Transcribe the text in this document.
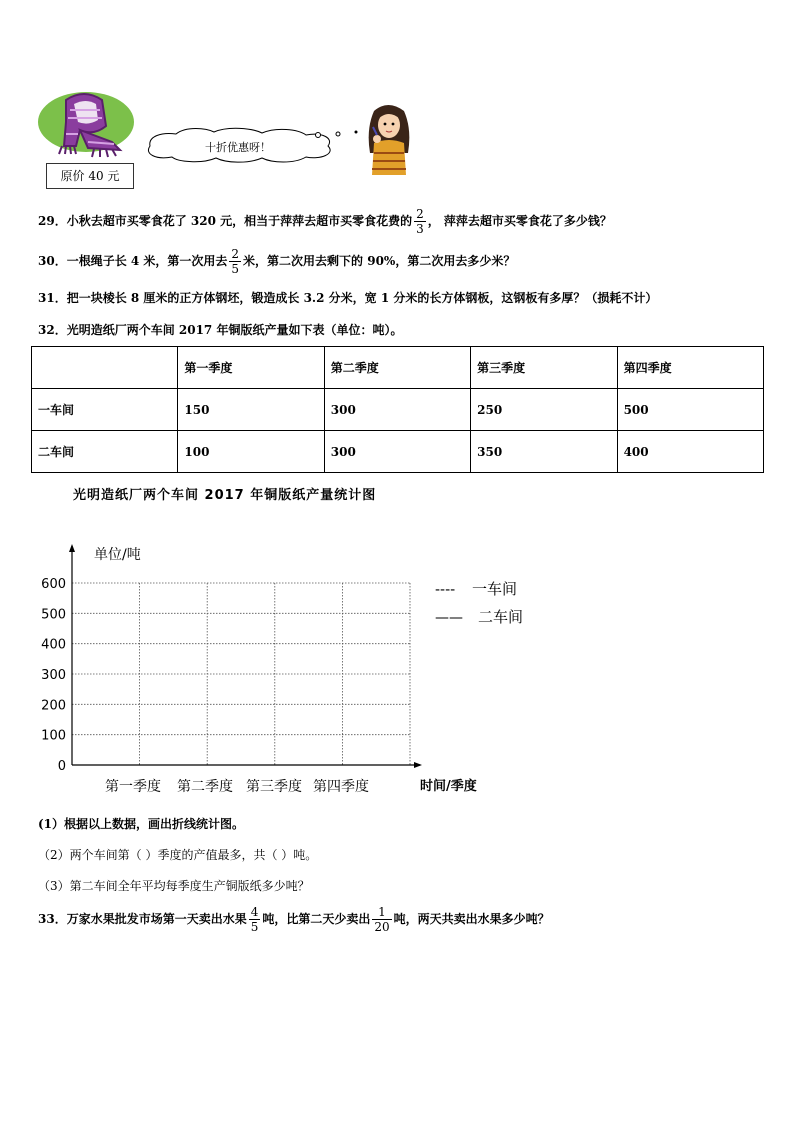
原价 40 元
十折优惠呀！
29．小秋去超市买零食花了 320 元，相当于萍萍去超市买零食花费的 $\frac{2}{3}$ ， 萍萍去超市买零食花了多少钱？
30．一根绳子长 4 米，第一次用去 $\frac{2}{5}$ 米，第二次用去剩下的 90%，第二次用去多少米？
31．把一块棱长 8 厘米的正方体钢坯，锻造成长 3.2 分米，宽 1 分米的长方体钢板，这钢板有多厚？（损耗不计）
32．光明造纸厂两个车间 2017 年铜版纸产量如下表（单位：吨）。
	第一季度	第二季度	第三季度	第四季度
一车间	150	300	250	500
二车间	100	300	350	400
光明造纸厂两个车间 2017 年铜版纸产量统计图
600
500
400
300
200
100
0
单位/吨
第一季度 第二季度 第三季度 第四季度	时间/季度
---- 一车间
—— 二车间
(1）根据以上数据，画出折线统计图。
（2）两个车间第（ ）季度的产值最多，共（ ）吨。
（3）第二车间全年平均每季度生产铜版纸多少吨？
33．万家水果批发市场第一天卖出水果 $\frac{4}{5}$ 吨，比第二天少卖出 $\frac{1}{20}$ 吨，两天共卖出水果多少吨？
